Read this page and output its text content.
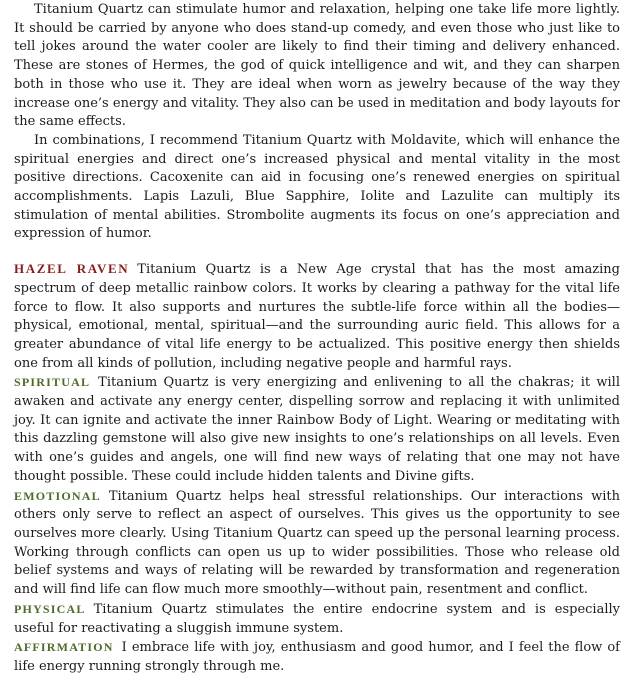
Titanium Quartz can stimulate humor and relaxation, helping one take life more lightly. It should be carried by anyone who does stand-up comedy, and even those who just like to tell jokes around the water cooler are likely to find their timing and delivery enhanced. These are stones of Hermes, the god of quick intelligence and wit, and they can sharpen both in those who use it. They are ideal when worn as jewelry because of the way they increase one’s energy and vitality. They also can be used in meditation and body layouts for the same effects.

In combinations, I recommend Titanium Quartz with Moldavite, which will enhance the spiritual energies and direct one’s increased physical and mental vitality in the most positive directions. Cacoxenite can aid in focusing one’s renewed energies on spiritual accomplishments. Lapis Lazuli, Blue Sapphire, Iolite and Lazulite can multiply its stimulation of mental abilities. Strombolite augments its focus on one’s appreciation and expression of humor.

HAZEL RAVEN Titanium Quartz is a New Age crystal that has the most amazing spectrum of deep metallic rainbow colors. It works by clearing a pathway for the vital life force to flow. It also supports and nurtures the subtle-life force within all the bodies—physical, emotional, mental, spiritual—and the surrounding auric field. This allows for a greater abundance of vital life energy to be actualized. This positive energy then shields one from all kinds of pollution, including negative people and harmful rays.

SPIRITUAL Titanium Quartz is very energizing and enlivening to all the chakras; it will awaken and activate any energy center, dispelling sorrow and replacing it with unlimited joy. It can ignite and activate the inner Rainbow Body of Light. Wearing or meditating with this dazzling gemstone will also give new insights to one’s relationships on all levels. Even with one’s guides and angels, one will find new ways of relating that one may not have thought possible. These could include hidden talents and Divine gifts.

EMOTIONAL Titanium Quartz helps heal stressful relationships. Our interactions with others only serve to reflect an aspect of ourselves. This gives us the opportunity to see ourselves more clearly. Using Titanium Quartz can speed up the personal learning process. Working through conflicts can open us up to wider possibilities. Those who release old belief systems and ways of relating will be rewarded by transformation and regeneration and will find life can flow much more smoothly—without pain, resentment and conflict.

PHYSICAL Titanium Quartz stimulates the entire endocrine system and is especially useful for reactivating a sluggish immune system.

AFFIRMATION I embrace life with joy, enthusiasm and good humor, and I feel the flow of life energy running strongly through me.
